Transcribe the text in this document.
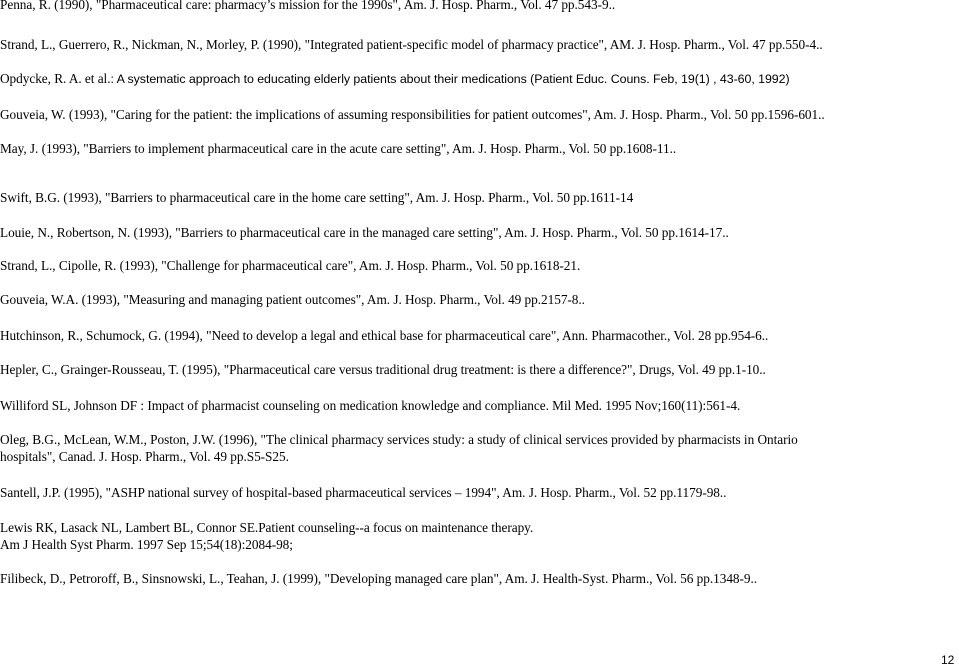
Penna, R. (1990), "Pharmaceutical care: pharmacy’s mission for the 1990s", Am. J. Hosp. Pharm., Vol. 47 pp.543-9..
Strand, L., Guerrero, R., Nickman, N., Morley, P. (1990), "Integrated patient-specific model of pharmacy practice", AM. J. Hosp. Pharm., Vol. 47 pp.550-4..
Opdycke, R. A. et al.: A systematic approach to educating elderly patients about their medications (Patient Educ. Couns. Feb, 19(1) , 43-60, 1992)
Gouveia, W. (1993), "Caring for the patient: the implications of assuming responsibilities for patient outcomes", Am. J. Hosp. Pharm., Vol. 50 pp.1596-601..
May, J. (1993), "Barriers to implement pharmaceutical care in the acute care setting", Am. J. Hosp. Pharm., Vol. 50 pp.1608-11..
Swift, B.G. (1993), "Barriers to pharmaceutical care in the home care setting", Am. J. Hosp. Pharm., Vol. 50 pp.1611-14
Louie, N., Robertson, N. (1993), "Barriers to pharmaceutical care in the managed care setting", Am. J. Hosp. Pharm., Vol. 50 pp.1614-17..
Strand, L., Cipolle, R. (1993), "Challenge for pharmaceutical care", Am. J. Hosp. Pharm., Vol. 50 pp.1618-21.
Gouveia, W.A. (1993), "Measuring and managing patient outcomes", Am. J. Hosp. Pharm., Vol. 49 pp.2157-8..
Hutchinson, R., Schumock, G. (1994), "Need to develop a legal and ethical base for pharmaceutical care", Ann. Pharmacother., Vol. 28 pp.954-6..
Hepler, C., Grainger-Rousseau, T. (1995), "Pharmaceutical care versus traditional drug treatment: is there a difference?", Drugs, Vol. 49 pp.1-10..
Williford SL, Johnson DF : Impact of pharmacist counseling on medication knowledge and compliance. Mil Med. 1995 Nov;160(11):561-4.
Oleg, B.G., McLean, W.M., Poston, J.W. (1996), "The clinical pharmacy services study: a study of clinical services provided by pharmacists in Ontario
hospitals", Canad. J. Hosp. Pharm., Vol. 49 pp.S5-S25.
Santell, J.P. (1995), "ASHP national survey of hospital-based pharmaceutical services – 1994", Am. J. Hosp. Pharm., Vol. 52 pp.1179-98..
Lewis RK, Lasack NL, Lambert BL, Connor SE.Patient counseling--a focus on maintenance therapy.
Am J Health Syst Pharm. 1997 Sep 15;54(18):2084-98;
Filibeck, D., Petroroff, B., Sinsnowski, L., Teahan, J. (1999), "Developing managed care plan", Am. J. Health-Syst. Pharm., Vol. 56 pp.1348-9..
12
